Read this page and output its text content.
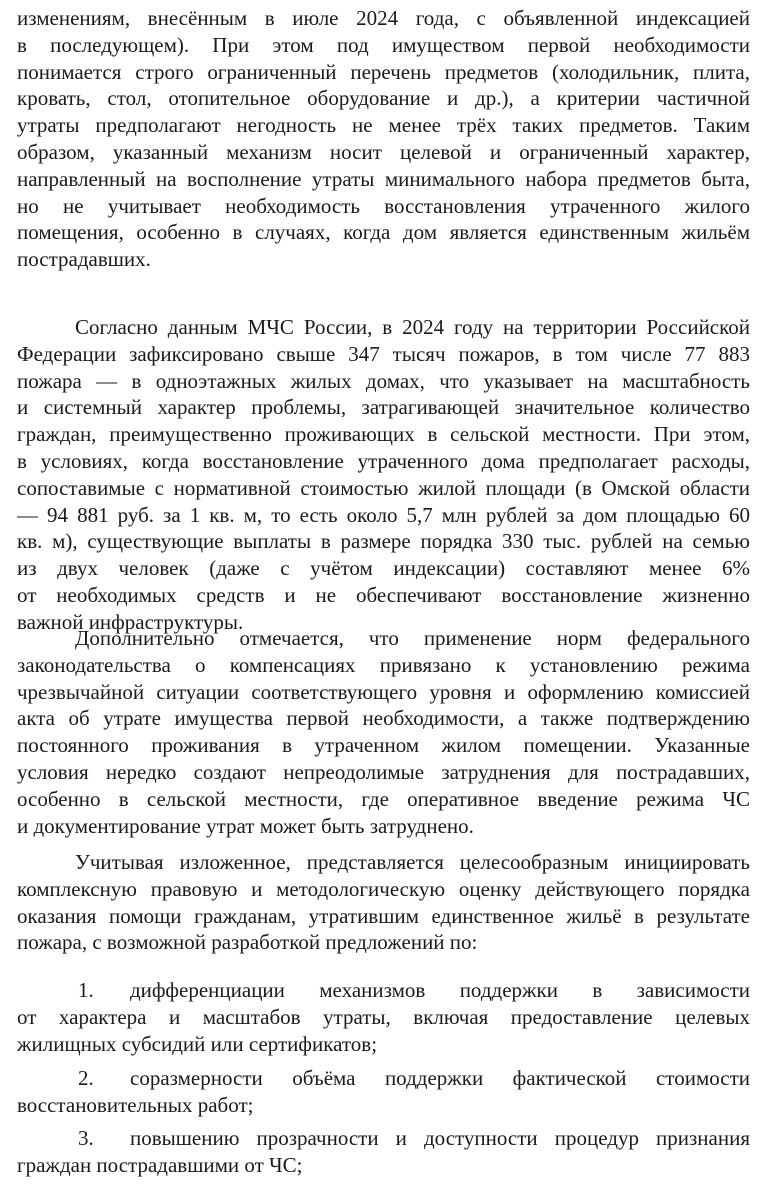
изменениям, внесённым в июле 2024 года, с объявленной индексацией
в последующем). При этом под имуществом первой необходимости
понимается строго ограниченный перечень предметов (холодильник, плита,
кровать, стол, отопительное оборудование и др.), а критерии частичной
утраты предполагают негодность не менее трёх таких предметов. Таким
образом, указанный механизм носит целевой и ограниченный характер,
направленный на восполнение утраты минимального набора предметов быта,
но не учитывает необходимость восстановления утраченного жилого
помещения, особенно в случаях, когда дом является единственным жильём
пострадавших.
Согласно данным МЧС России, в 2024 году на территории Российской
Федерации зафиксировано свыше 347 тысяч пожаров, в том числе 77 883
пожара — в одноэтажных жилых домах, что указывает на масштабность
и системный характер проблемы, затрагивающей значительное количество
граждан, преимущественно проживающих в сельской местности. При этом,
в условиях, когда восстановление утраченного дома предполагает расходы,
сопоставимые с нормативной стоимостью жилой площади (в Омской области
— 94 881 руб. за 1 кв. м, то есть около 5,7 млн рублей за дом площадью 60
кв. м), существующие выплаты в размере порядка 330 тыс. рублей на семью
из двух человек (даже с учётом индексации) составляют менее 6%
от необходимых средств и не обеспечивают восстановление жизненно
важной инфраструктуры.
Дополнительно отмечается, что применение норм федерального
законодательства о компенсациях привязано к установлению режима
чрезвычайной ситуации соответствующего уровня и оформлению комиссией
акта об утрате имущества первой необходимости, а также подтверждению
постоянного проживания в утраченном жилом помещении. Указанные
условия нередко создают непреодолимые затруднения для пострадавших,
особенно в сельской местности, где оперативное введение режима ЧС
и документирование утрат может быть затруднено.
Учитывая изложенное, представляется целесообразным инициировать
комплексную правовую и методологическую оценку действующего порядка
оказания помощи гражданам, утратившим единственное жильё в результате
пожара, с возможной разработкой предложений по:
1.	дифференциации механизмов поддержки в зависимости
от характера и масштабов утраты, включая предоставление целевых
жилищных субсидий или сертификатов;
2.	соразмерности объёма поддержки фактической стоимости
восстановительных работ;
3.	повышению прозрачности и доступности процедур признания
граждан пострадавшими от ЧС;
